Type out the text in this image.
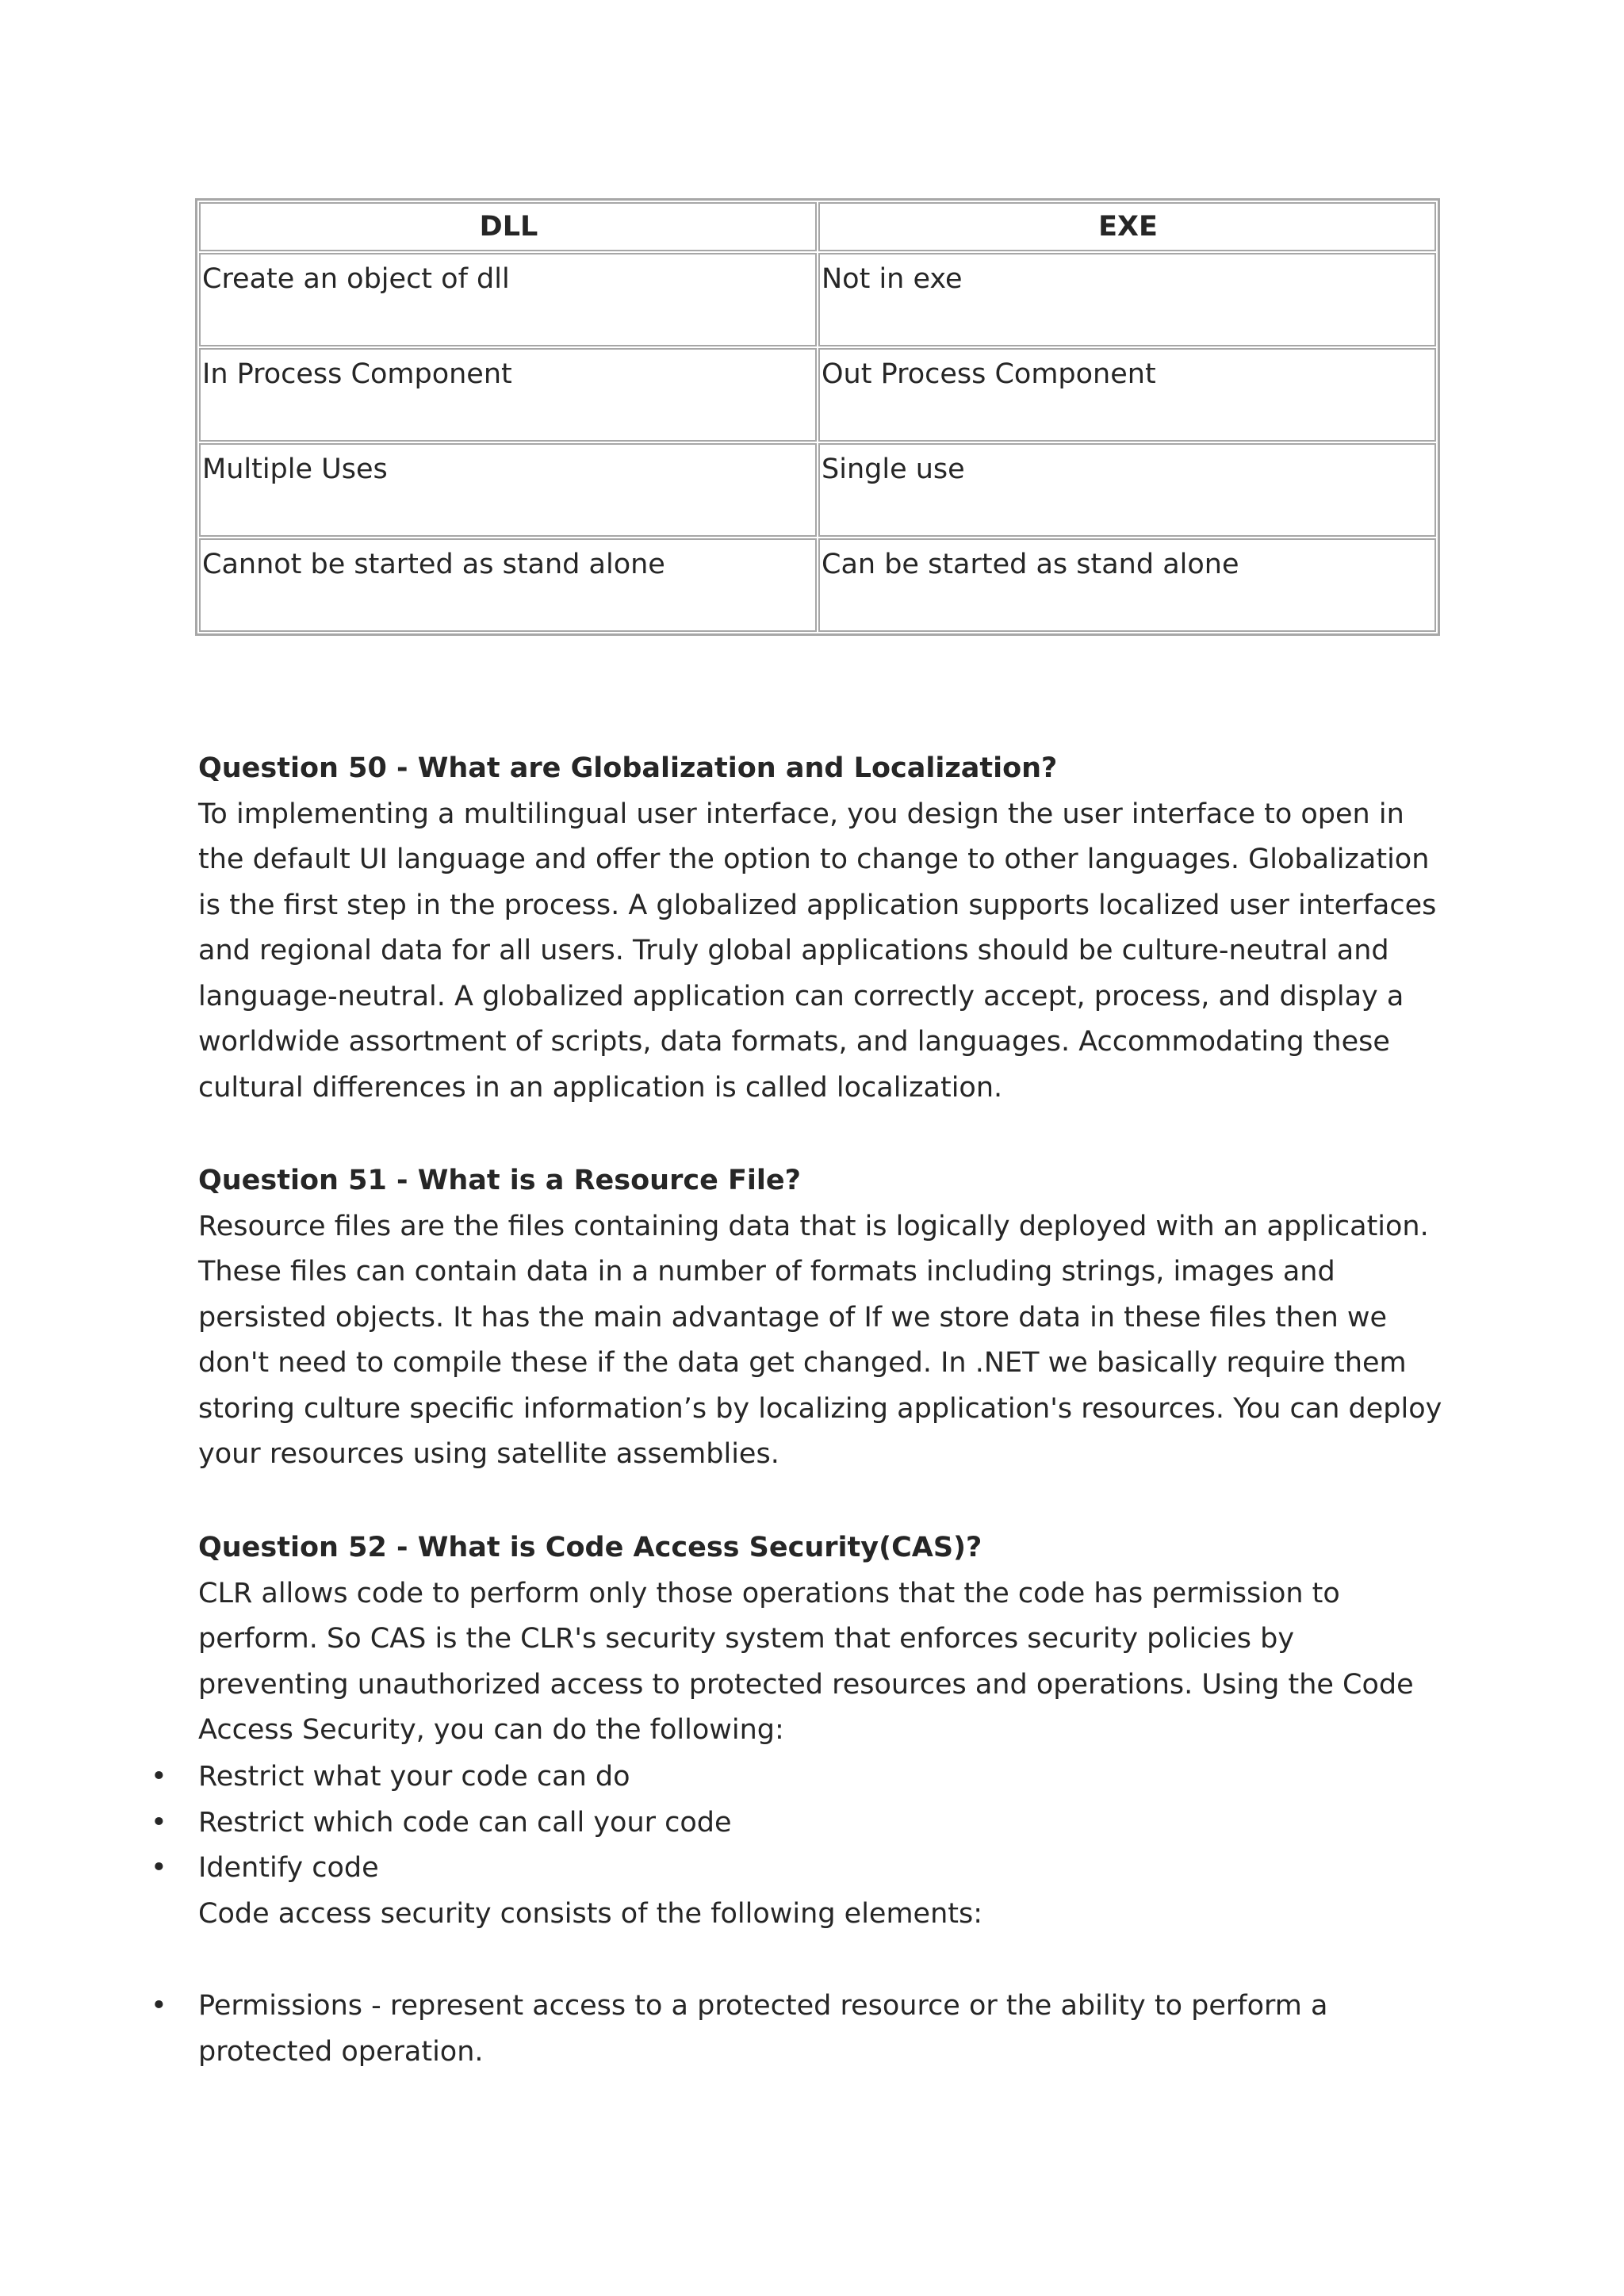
DLL	EXE
Create an object of dll	Not in exe
In Process Component	Out Process Component
Multiple Uses	Single use
Cannot be started as stand alone	Can be started as stand alone

Question 50 - What are Globalization and Localization?

To implementing a multilingual user interface, you design the user interface to open in the default UI language and offer the option to change to other languages. Globalization is the first step in the process. A globalized application supports localized user interfaces and regional data for all users. Truly global applications should be culture-neutral and language-neutral. A globalized application can correctly accept, process, and display a worldwide assortment of scripts, data formats, and languages. Accommodating these cultural differences in an application is called localization.

Question 51 - What is a Resource File?

Resource files are the files containing data that is logically deployed with an application. These files can contain data in a number of formats including strings, images and persisted objects. It has the main advantage of If we store data in these files then we don't need to compile these if the data get changed. In .NET we basically require them storing culture specific information’s by localizing application's resources. You can deploy your resources using satellite assemblies.

Question 52 - What is Code Access Security(CAS)?

CLR allows code to perform only those operations that the code has permission to perform. So CAS is the CLR's security system that enforces security policies by preventing unauthorized access to protected resources and operations. Using the Code Access Security, you can do the following:

• Restrict what your code can do
• Restrict which code can call your code
• Identify code

Code access security consists of the following elements:

• Permissions - represent access to a protected resource or the ability to perform a protected operation.
